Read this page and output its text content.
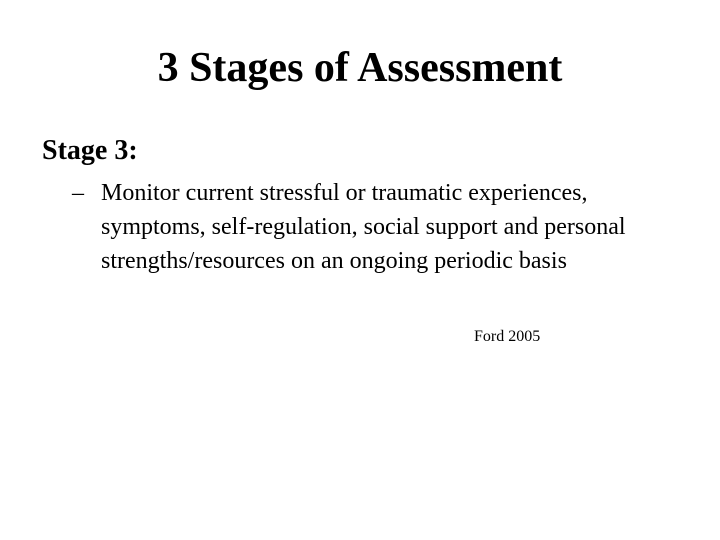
3 Stages of Assessment
Stage 3:
– Monitor current stressful or traumatic experiences, symptoms, self-regulation, social support and personal strengths/resources on an ongoing periodic basis

Ford 2005
